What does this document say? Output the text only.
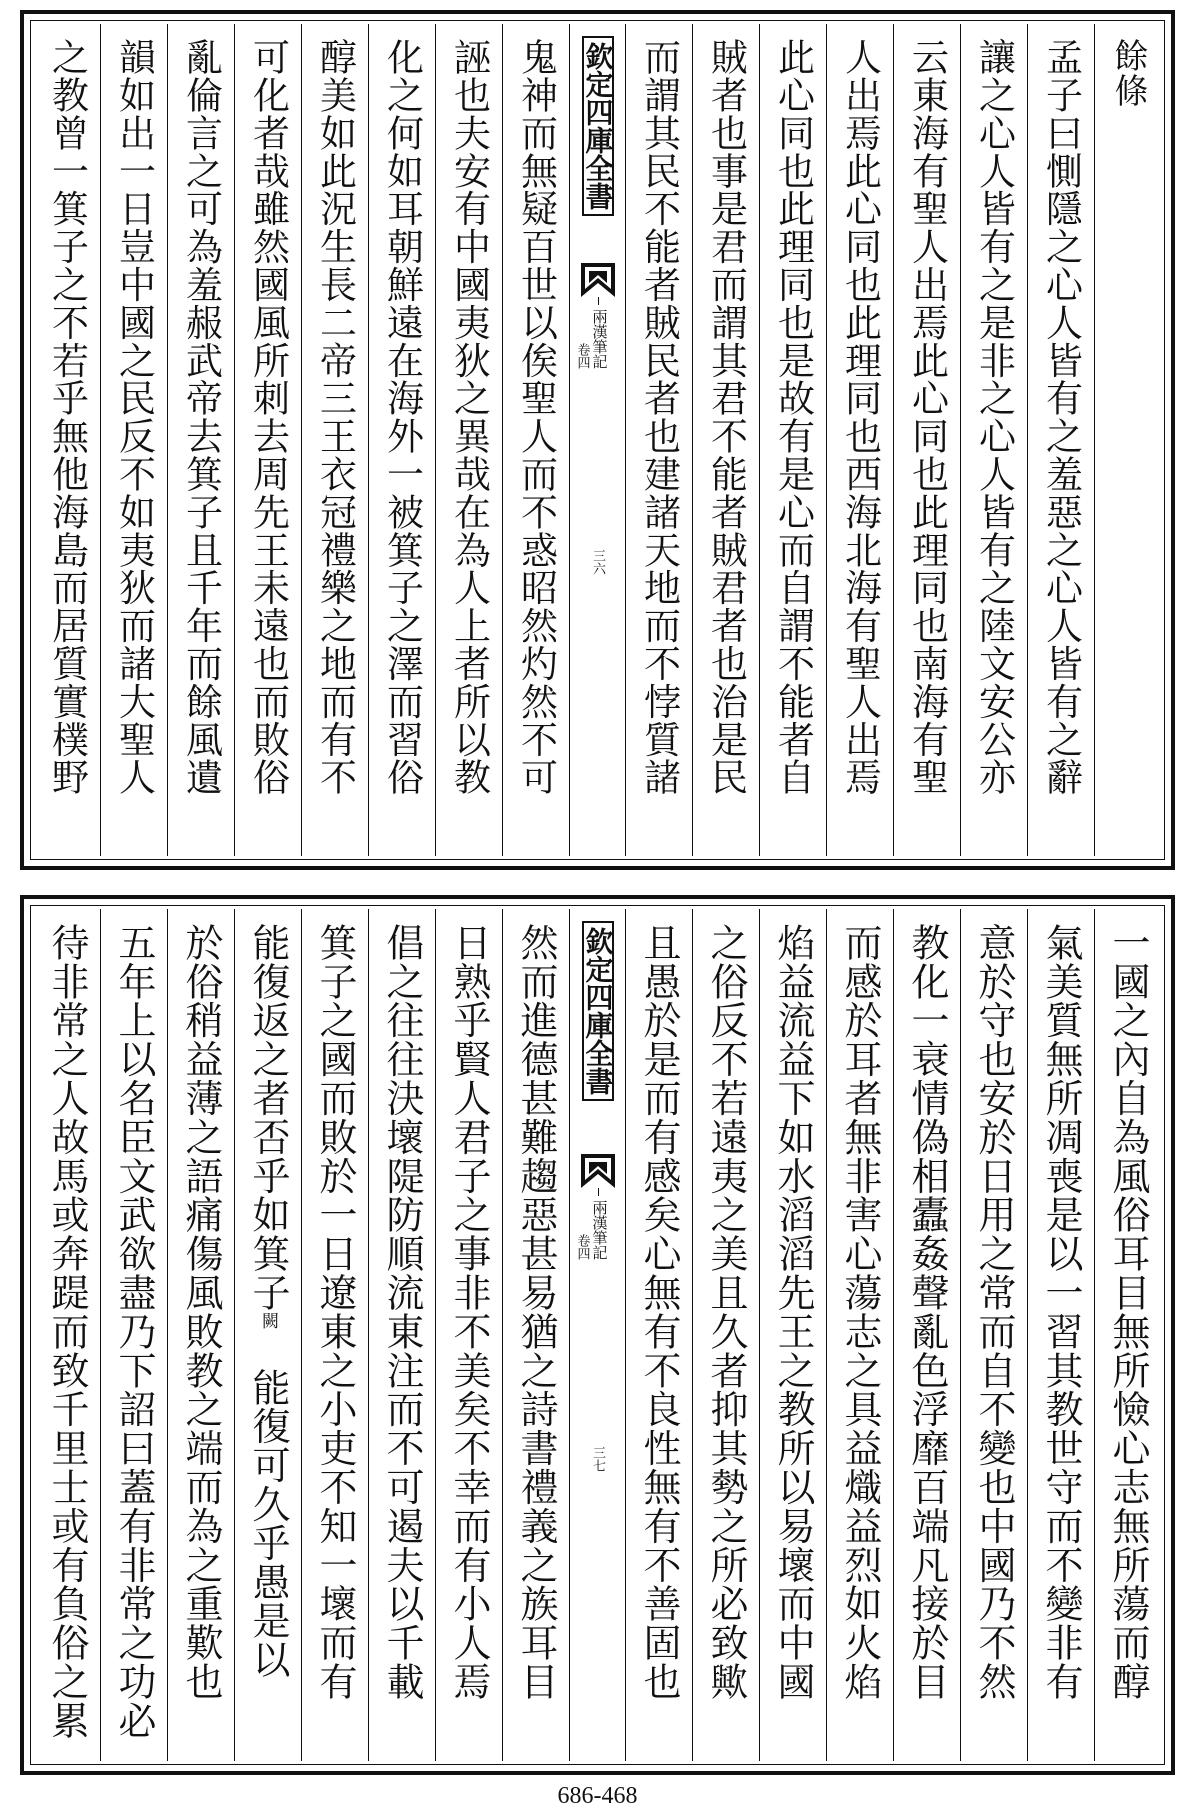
餘條
孟子曰惻隱之心人皆有之羞惡之心人皆有之辭
讓之心人皆有之是非之心人皆有之陸文安公亦
云東海有聖人出焉此心同也此理同也南海有聖
人出焉此心同也此理同也西海北海有聖人出焉
此心同也此理同也是故有是心而自謂不能者自
賊者也事是君而謂其君不能者賊君者也治是民
而謂其民不能者賊民者也建諸天地而不悖質諸
欽定四庫全書
兩漢筆記
卷四
三六
鬼神而無疑百世以俟聖人而不惑昭然灼然不可
誣也夫安有中國夷狄之異哉在為人上者所以教
化之何如耳朝鮮遠在海外一被箕子之澤而習俗
醇美如此況生長二帝三王衣冠禮樂之地而有不
可化者哉雖然國風所刺去周先王未遠也而敗俗
亂倫言之可為羞赧武帝去箕子且千年而餘風遺
韻如出一日豈中國之民反不如夷狄而諸大聖人
之教曾一箕子之不若乎無他海島而居質實樸野
一國之內自為風俗耳目無所憸心志無所蕩而醇
氣美質無所凋喪是以一習其教世守而不變非有
意於守也安於日用之常而自不變也中國乃不然
教化一衰情偽相蠹姦聲亂色浮靡百端凡接於目
而感於耳者無非害心蕩志之具益熾益烈如火焰
焰益流益下如水滔滔先王之教所以易壞而中國
之俗反不若遠夷之美且久者抑其勢之所必致歟
且愚於是而有感矣心無有不良性無有不善固也
欽定四庫全書
兩漢筆記
卷四
三七
然而進德甚難趨惡甚易猶之詩書禮義之族耳目
日熟乎賢人君子之事非不美矣不幸而有小人焉
倡之往往決壞隄防順流東注而不可遏夫以千載
箕子之國而敗於一日遼東之小吏不知一壞而有
能復返之者否乎如箕子闕　能復可久乎愚是以
於俗稍益薄之語痛傷風敗教之端而為之重歎也
五年上以名臣文武欲盡乃下詔曰蓋有非常之功必
待非常之人故馬或奔踶而致千里士或有負俗之累
686-468
